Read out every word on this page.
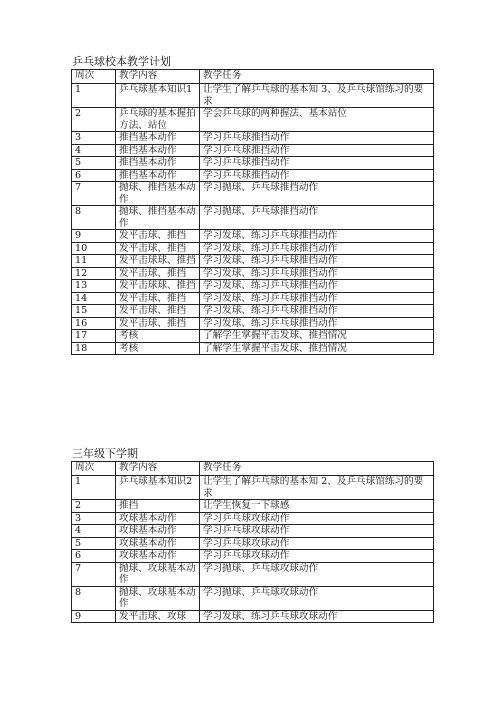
乒乓球校本教学计划
周次	教学内容	教学任务
1	乒乓球基本知识1	让学生了解乒乓球的基本知 3、及乒乓球馆练习的要求
2	乒乓球的基本握拍方法、站位	学会乒乓球的两种握法、基本站位
3	推挡基本动作	学习乒乓球推挡动作
4	推挡基本动作	学习乒乓球推挡动作
5	推挡基本动作	学习乒乓球推挡动作
6	推挡基本动作	学习乒乓球推挡动作
7	抛球、推挡基本动作	学习抛球、乒乓球推挡动作
8	抛球、推挡基本动作	学习抛球、乒乓球推挡动作
9	发平击球、推挡	学习发球、练习乒乓球推挡动作
10	发平击球、推挡	学习发球、练习乒乓球推挡动作
11	发平击球球、推挡	学习发球、练习乒乓球推挡动作
12	发平击球、推挡	学习发球、练习乒乓球推挡动作
13	发平击球球、推挡	学习发球、练习乒乓球推挡动作
14	发平击球、推挡	学习发球、练习乒乓球推挡动作
15	发平击球、推挡	学习发球、练习乒乓球推挡动作
16	发平击球、推挡	学习发球、练习乒乓球推挡动作
17	考核	了解学生掌握平击发球、推挡情况
18	考核	了解学生掌握平击发球、推挡情况
三年级下学期
周次	教学内容	教学任务
1	乒乓球基本知识2	让学生了解乒乓球的基本知 2、及乒乓球馆练习的要求
2	推挡	让学生恢复一下球感
3	攻球基本动作	学习乒乓球攻球动作
4	攻球基本动作	学习乒乓球攻球动作
5	攻球基本动作	学习乒乓球攻球动作
6	攻球基本动作	学习乒乓球攻球动作
7	抛球、攻球基本动作	学习抛球、乒乓球攻球动作
8	抛球、攻球基本动作	学习抛球、乒乓球攻球动作
9	发平击球、攻球	学习发球、练习乒乓球攻球动作
